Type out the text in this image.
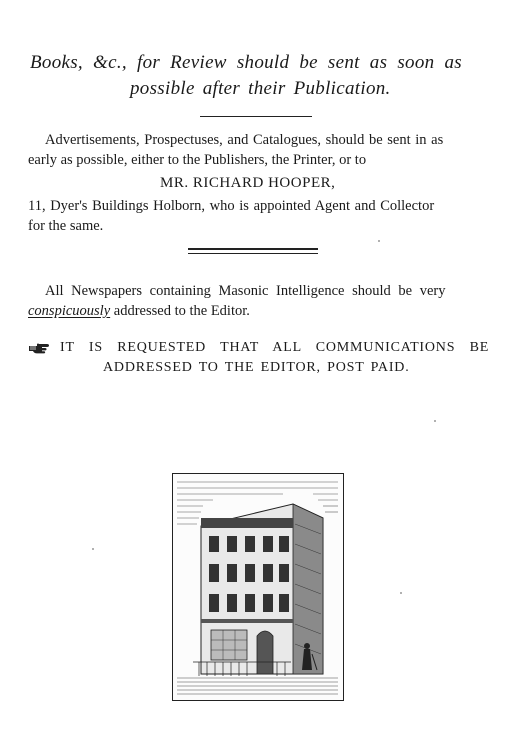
Books, &c., for Review should be sent as soon as
possible after their Publication.
Advertisements, Prospectuses, and Catalogues, should be sent in as
early as possible, either to the Publishers, the Printer, or to
MR. RICHARD HOOPER,
11, Dyer's Buildings Holborn, who is appointed Agent and Collector
for the same.
All Newspapers containing Masonic Intelligence should be very
conspicuously addressed to the Editor.
IT IS REQUESTED THAT ALL COMMUNICATIONS BE
ADDRESSED TO THE EDITOR, POST PAID.
